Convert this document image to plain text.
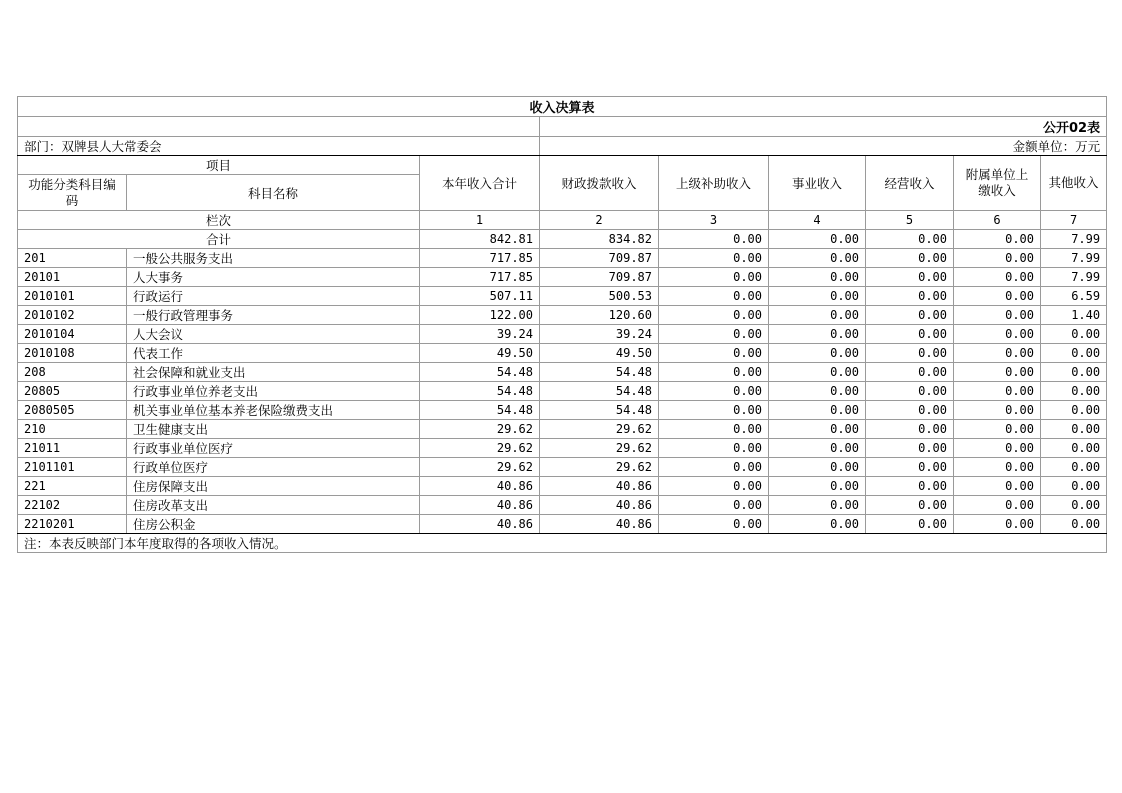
收入决算表								
			公开02表					
部门：双牌县人大常委会			金额单位：万元					
项目		本年收入合计	财政拨款收入	上级补助收入	事业收入	经营收入	附属单位上缴收入	其他收入
功能分类科目编码	科目名称							
栏次		1	2	3	4	5	6	7
合计		842.81	834.82	0.00	0.00	0.00	0.00	7.99
201	一般公共服务支出	717.85	709.87	0.00	0.00	0.00	0.00	7.99
20101	人大事务	717.85	709.87	0.00	0.00	0.00	0.00	7.99
2010101	行政运行	507.11	500.53	0.00	0.00	0.00	0.00	6.59
2010102	一般行政管理事务	122.00	120.60	0.00	0.00	0.00	0.00	1.40
2010104	人大会议	39.24	39.24	0.00	0.00	0.00	0.00	0.00
2010108	代表工作	49.50	49.50	0.00	0.00	0.00	0.00	0.00
208	社会保障和就业支出	54.48	54.48	0.00	0.00	0.00	0.00	0.00
20805	行政事业单位养老支出	54.48	54.48	0.00	0.00	0.00	0.00	0.00
2080505	机关事业单位基本养老保险缴费支出	54.48	54.48	0.00	0.00	0.00	0.00	0.00
210	卫生健康支出	29.62	29.62	0.00	0.00	0.00	0.00	0.00
21011	行政事业单位医疗	29.62	29.62	0.00	0.00	0.00	0.00	0.00
2101101	行政单位医疗	29.62	29.62	0.00	0.00	0.00	0.00	0.00
221	住房保障支出	40.86	40.86	0.00	0.00	0.00	0.00	0.00
22102	住房改革支出	40.86	40.86	0.00	0.00	0.00	0.00	0.00
2210201	住房公积金	40.86	40.86	0.00	0.00	0.00	0.00	0.00
注：本表反映部门本年度取得的各项收入情况。								
